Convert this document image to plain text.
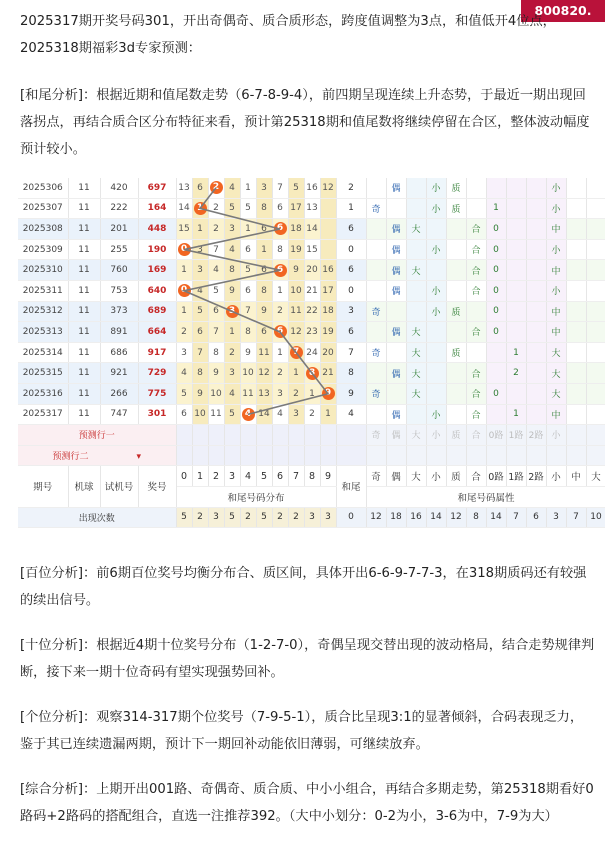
800820. NET
2025317期开奖号码301，开出奇偶奇、质合质形态，跨度值调整为3点，和值低开4位点，
2025318期福彩3d专家预测：
[和尾分析]：根据近期和值尾数走势（6-7-8-9-4），前四期呈现连续上升态势，于最近一期出现回落拐点，再结合质合区分布特征来看，预计第25318期和值尾数将继续停留在合区，整体波动幅度预计较小。
2025306	11	420	697	13	6	2	4	1	3	7	5	16	12	2		偶		小	质					小		
2025307	11	222	164	14	1	2	5	5	8	6	17	13		1	奇			小	质		1			小		
2025308	11	201	448	15	1	2	3	1	6	6	18	14		6		偶	大			合	0			中		
2025309	11	255	190	0	3	7	4	6	1	8	19	15		0		偶		小		合	0			小		
2025310	11	760	169	1	3	4	8	5	6	6	9	20	16	6		偶	大			合	0			中		
2025311	11	753	640	0	4	5	9	6	8	1	10	21	17	0		偶		小		合	0			小		
2025312	11	373	689	1	5	6	3	7	9	2	11	22	18	3	奇			小	质		0			中		
2025313	11	891	664	2	6	7	1	8	6	6	12	23	19	6		偶	大			合	0			中		
2025314	11	686	917	3	7	8	2	9	11	1	7	24	20	7	奇		大		质			1		大		
2025315	11	921	729	4	8	9	3	10	12	2	1	8	21	8		偶	大			合		2		大		
2025316	11	266	775	5	9	10	4	11	13	3	2	1	9	9	奇		大			合	0			大		
2025317	11	747	301	6	10	11	5	4	14	4	3	2	1	4		偶		小		合		1		中		
预测行一															奇	偶	大	小	质	合	0路	1路	2路	小		
预测行二 ▾																										
期号	机球	试机号	奖号	0	1	2	3	4	5	6	7	8	9	和尾	奇	偶	大	小	质	合	0路	1路	2路	小	中	大
				和尾号码分布											和尾号码属性											
出现次数				5	2	3	5	2	5	2	2	3	3	0	12	18	16	14	12	8	14	7	6	3	7	10
[百位分析]：前6期百位奖号均衡分布合、质区间，具体开出6-6-9-7-7-3，在318期质码还有较强的续出信号。
[十位分析]：根据近4期十位奖号分布（1-2-7-0），奇偶呈现交替出现的波动格局，结合走势规律判断，接下来一期十位奇码有望实现强势回补。
[个位分析]：观察314-317期个位奖号（7-9-5-1），质合比呈现3:1的显著倾斜，合码表现乏力，鉴于其已连续遗漏两期，预计下一期回补动能依旧薄弱，可继续放弃。
[综合分析]：上期开出001路、奇偶奇、质合质、中小小组合，再结合多期走势，第25318期看好0路码+2路码的搭配组合，直选一注推荐392。（大中小划分：0-2为小，3-6为中，7-9为大）
